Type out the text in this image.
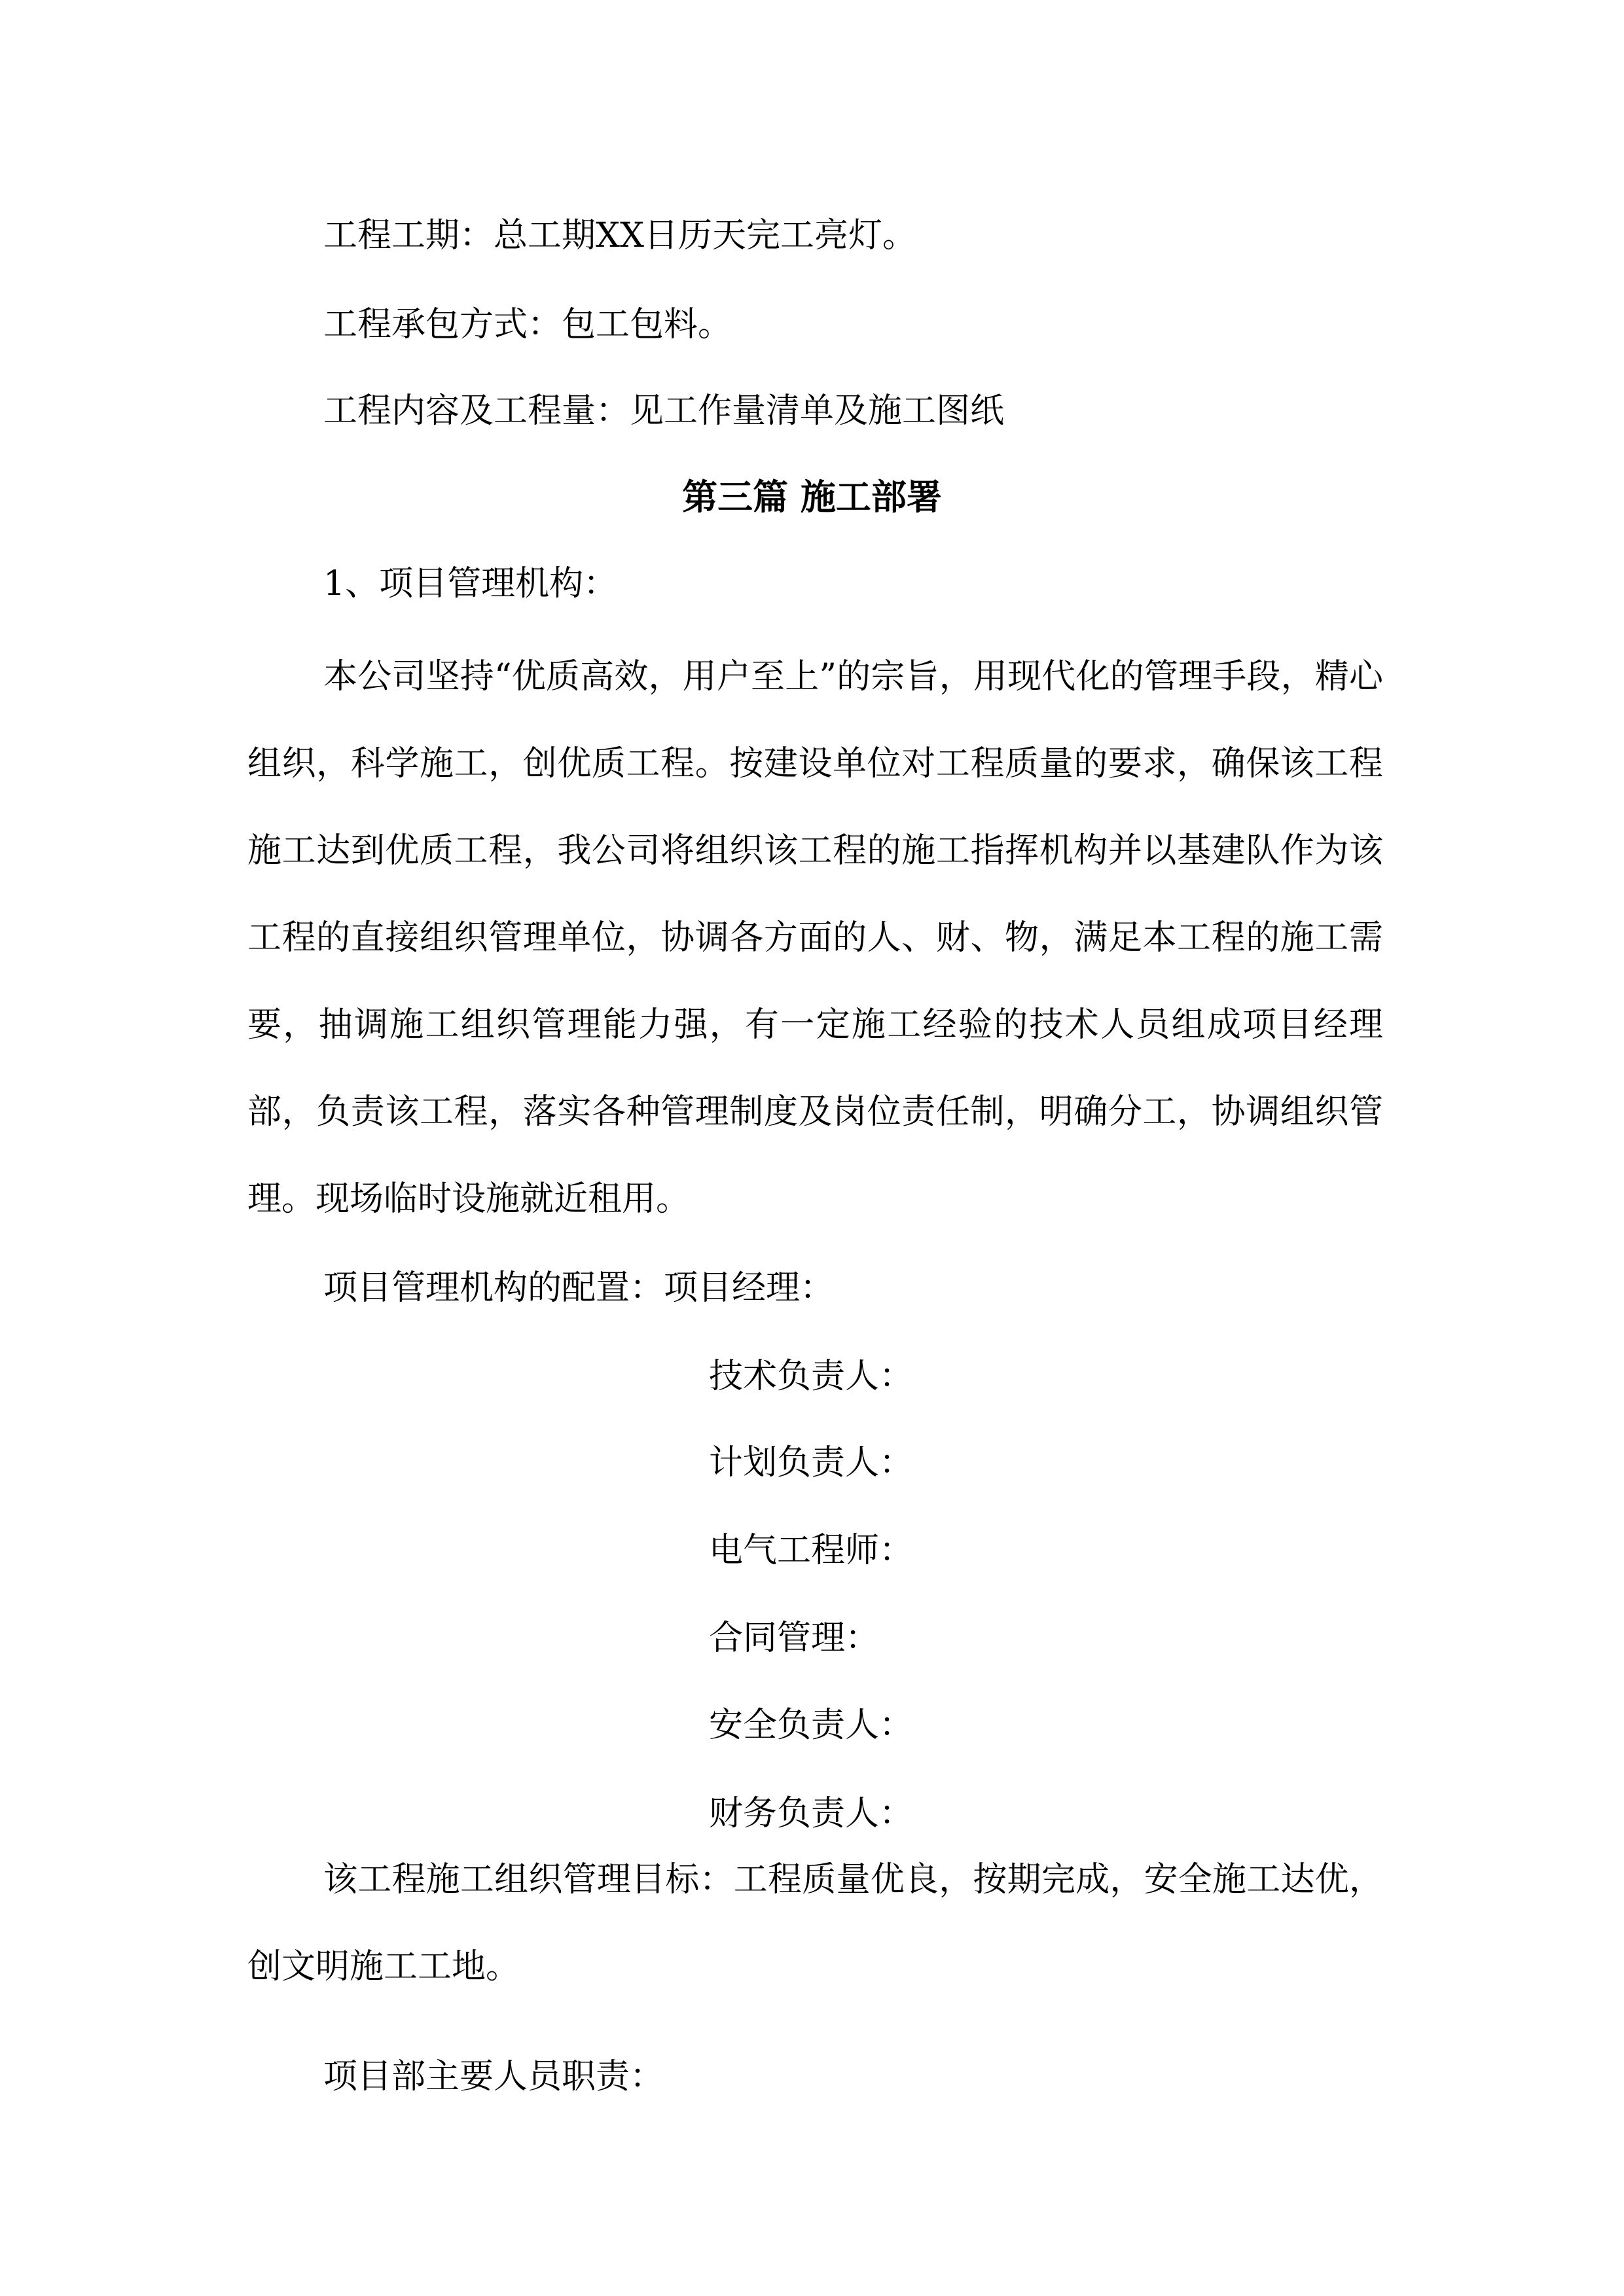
工程工期：总工期XX日历天完工亮灯。
工程承包方式：包工包料。
工程内容及工程量：见工作量清单及施工图纸
第三篇 施工部署
1、项目管理机构：

本公司坚持“优质高效，用户至上”的宗旨，用现代化的管理手段，精心组织，科学施工，创优质工程。按建设单位对工程质量的要求，确保该工程施工达到优质工程，我公司将组织该工程的施工指挥机构并以基建队作为该工程的直接组织管理单位，协调各方面的人、财、物，满足本工程的施工需要，抽调施工组织管理能力强，有一定施工经验的技术人员组成项目经理部，负责该工程，落实各种管理制度及岗位责任制，明确分工，协调组织管理。现场临时设施就近租用。

项目管理机构的配置：项目经理：
技术负责人：
计划负责人：
电气工程师：
合同管理：
安全负责人：
财务负责人：

该工程施工组织管理目标：工程质量优良，按期完成，安全施工达优，创文明施工工地。

项目部主要人员职责：
